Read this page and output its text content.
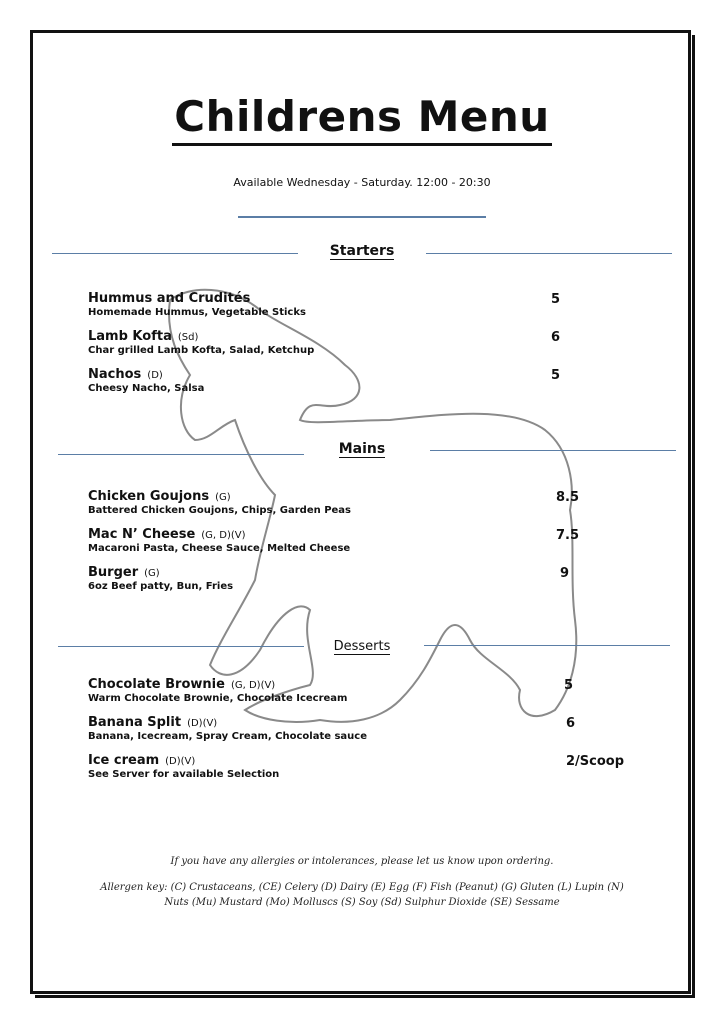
Childrens Menu
Available Wednesday - Saturday. 12:00 - 20:30
Starters
Hummus and Crudités
Homemade Hummus, Vegetable Sticks
5
Lamb Kofta (Sd)
Char grilled Lamb Kofta, Salad, Ketchup
6
Nachos (D)
Cheesy Nacho, Salsa
5
Mains
Chicken Goujons (G)
Battered Chicken Goujons, Chips, Garden Peas
8.5
Mac N’ Cheese (G, D)(V)
Macaroni Pasta, Cheese Sauce, Melted Cheese
7.5
Burger (G)
6oz Beef patty, Bun, Fries
9
Desserts
Chocolate Brownie (G, D)(V)
Warm Chocolate Brownie, Chocolate Icecream
5
Banana Split (D)(V)
Banana, Icecream, Spray Cream, Chocolate sauce
6
Ice cream (D)(V)
See Server for available Selection
2/Scoop
If you have any allergies or intolerances, please let us know upon ordering.
Allergen key: (C) Crustaceans, (CE) Celery (D) Dairy (E) Egg (F) Fish (Peanut) (G) Gluten (L) Lupin (N)
Nuts (Mu) Mustard (Mo) Molluscs (S) Soy (Sd) Sulphur Dioxide (SE) Sessame
